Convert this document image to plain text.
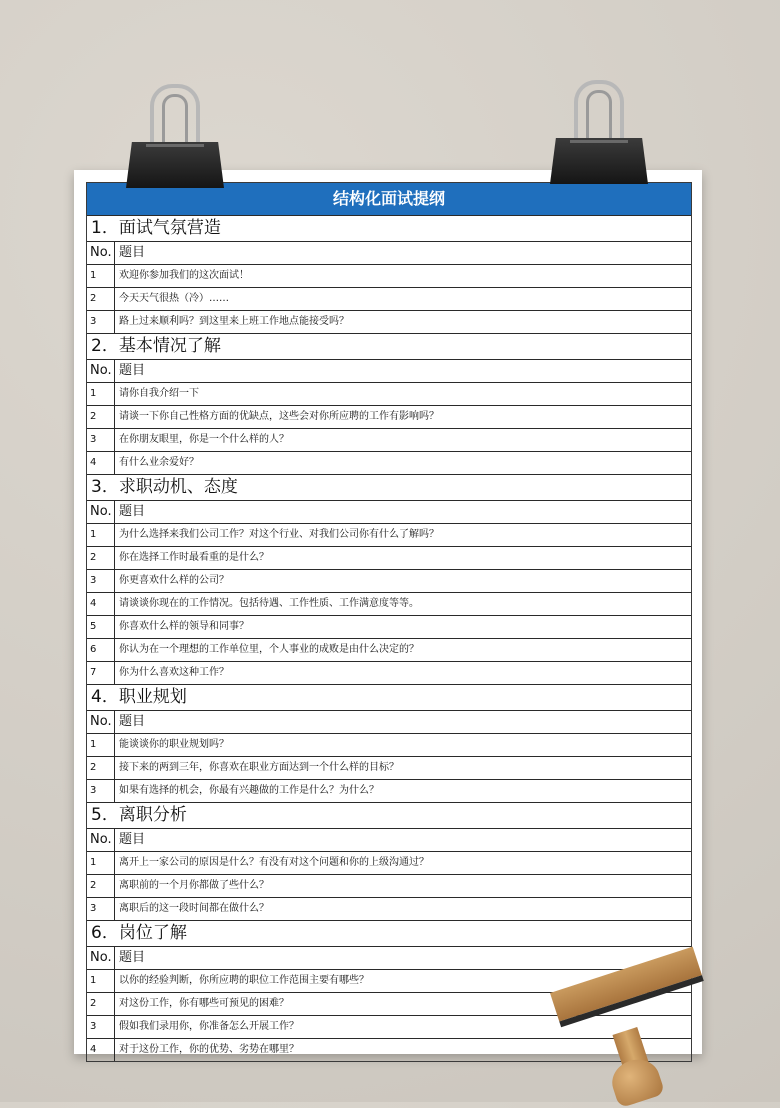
结构化面试提纲
1．面试气氛营造
No. 题目
1	欢迎你参加我们的这次面试！
2	今天天气很热（冷）……
3	路上过来顺利吗？到这里来上班工作地点能接受吗？
2．基本情况了解
No. 题目
1	请你自我介绍一下
2	请谈一下你自己性格方面的优缺点，这些会对你所应聘的工作有影响吗？
3	在你朋友眼里，你是一个什么样的人？
4	有什么业余爱好？
3．求职动机、态度
No. 题目
1	为什么选择来我们公司工作？对这个行业、对我们公司你有什么了解吗？
2	你在选择工作时最看重的是什么？
3	你更喜欢什么样的公司？
4	请谈谈你现在的工作情况。包括待遇、工作性质、工作满意度等等。
5	你喜欢什么样的领导和同事？
6	你认为在一个理想的工作单位里，个人事业的成败是由什么决定的？
7	你为什么喜欢这种工作？
4．职业规划
No. 题目
1	能谈谈你的职业规划吗？
2	接下来的两到三年，你喜欢在职业方面达到一个什么样的目标？
3	如果有选择的机会，你最有兴趣做的工作是什么？为什么？
5．离职分析
No. 题目
1	离开上一家公司的原因是什么？有没有对这个问题和你的上级沟通过？
2	离职前的一个月你都做了些什么？
3	离职后的这一段时间都在做什么？
6．岗位了解
No. 题目
1	以你的经验判断，你所应聘的职位工作范围主要有哪些？
2	对这份工作，你有哪些可预见的困难？
3	假如我们录用你，你准备怎么开展工作？
4	对于这份工作，你的优势、劣势在哪里？
